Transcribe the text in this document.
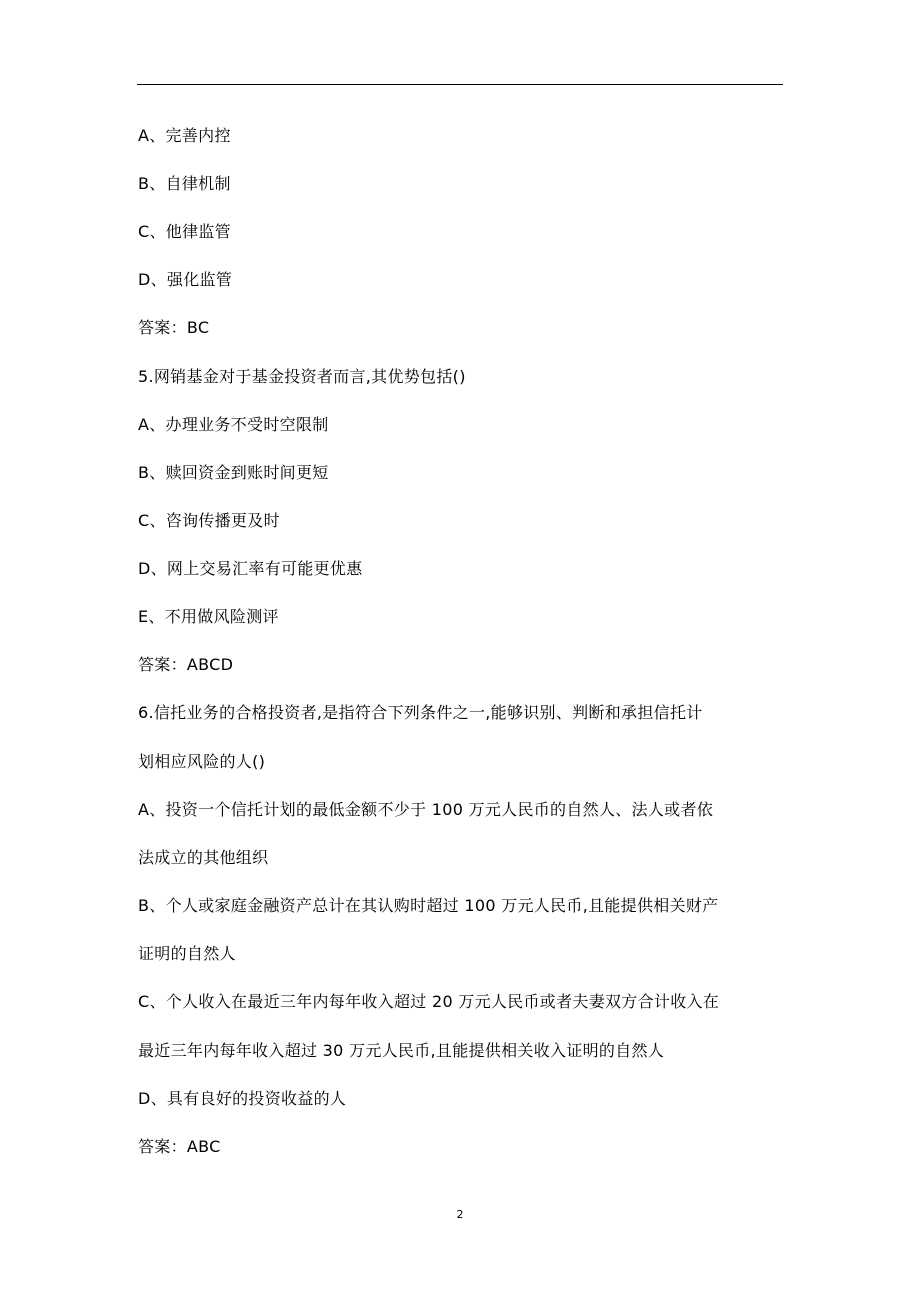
A、完善内控
B、自律机制
C、他律监管
D、强化监管
答案：BC
5.网销基金对于基金投资者而言,其优势包括()
A、办理业务不受时空限制
B、赎回资金到账时间更短
C、咨询传播更及时
D、网上交易汇率有可能更优惠
E、不用做风险测评
答案：ABCD
6.信托业务的合格投资者,是指符合下列条件之一,能够识别、判断和承担信托计
划相应风险的人()
A、投资一个信托计划的最低金额不少于 100 万元人民币的自然人、法人或者依
法成立的其他组织
B、个人或家庭金融资产总计在其认购时超过 100 万元人民币,且能提供相关财产
证明的自然人
C、个人收入在最近三年内每年收入超过 20 万元人民币或者夫妻双方合计收入在
最近三年内每年收入超过 30 万元人民币,且能提供相关收入证明的自然人
D、具有良好的投资收益的人
答案：ABC
2
